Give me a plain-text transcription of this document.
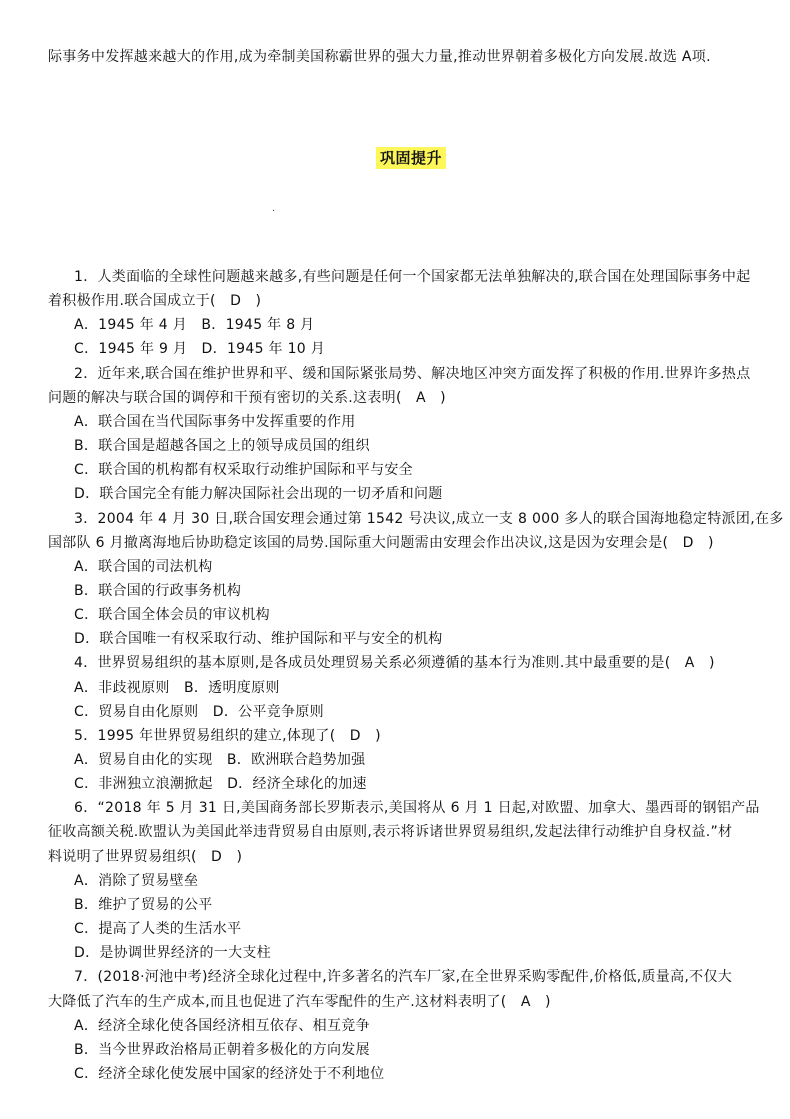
际事务中发挥越来越大的作用,成为牵制美国称霸世界的强大力量,推动世界朝着多极化方向发展.故选 A项.
巩固提升
·
1．人类面临的全球性问题越来越多,有些问题是任何一个国家都无法单独解决的,联合国在处理国际事务中起
着积极作用.联合国成立于(　D　)
A．1945 年 4 月　B．1945 年 8 月
C．1945 年 9 月　D．1945 年 10 月
2．近年来,联合国在维护世界和平、缓和国际紧张局势、解决地区冲突方面发挥了积极的作用.世界许多热点
问题的解决与联合国的调停和干预有密切的关系.这表明(　A　)
A．联合国在当代国际事务中发挥重要的作用
B．联合国是超越各国之上的领导成员国的组织
C．联合国的机构都有权采取行动维护国际和平与安全
D．联合国完全有能力解决国际社会出现的一切矛盾和问题
3．2004 年 4 月 30 日,联合国安理会通过第 1542 号决议,成立一支 8 000 多人的联合国海地稳定特派团,在多
国部队 6 月撤离海地后协助稳定该国的局势.国际重大问题需由安理会作出决议,这是因为安理会是(　D　)
A．联合国的司法机构
B．联合国的行政事务机构
C．联合国全体会员的审议机构
D．联合国唯一有权采取行动、维护国际和平与安全的机构
4．世界贸易组织的基本原则,是各成员处理贸易关系必须遵循的基本行为准则.其中最重要的是(　A　)
A．非歧视原则　B．透明度原则
C．贸易自由化原则　D．公平竞争原则
5．1995 年世界贸易组织的建立,体现了(　D　)
A．贸易自由化的实现　B．欧洲联合趋势加强
C．非洲独立浪潮掀起　D．经济全球化的加速
6．“2018 年 5 月 31 日,美国商务部长罗斯表示,美国将从 6 月 1 日起,对欧盟、加拿大、墨西哥的钢铝产品
征收高额关税.欧盟认为美国此举违背贸易自由原则,表示将诉诸世界贸易组织,发起法律行动维护自身权益.”材
料说明了世界贸易组织(　D　)
A．消除了贸易壁垒
B．维护了贸易的公平
C．提高了人类的生活水平
D．是协调世界经济的一大支柱
7．(2018·河池中考)经济全球化过程中,许多著名的汽车厂家,在全世界采购零配件,价格低,质量高,不仅大
大降低了汽车的生产成本,而且也促进了汽车零配件的生产.这材料表明了(　A　)
A．经济全球化使各国经济相互依存、相互竞争
B．当今世界政治格局正朝着多极化的方向发展
C．经济全球化使发展中国家的经济处于不利地位
